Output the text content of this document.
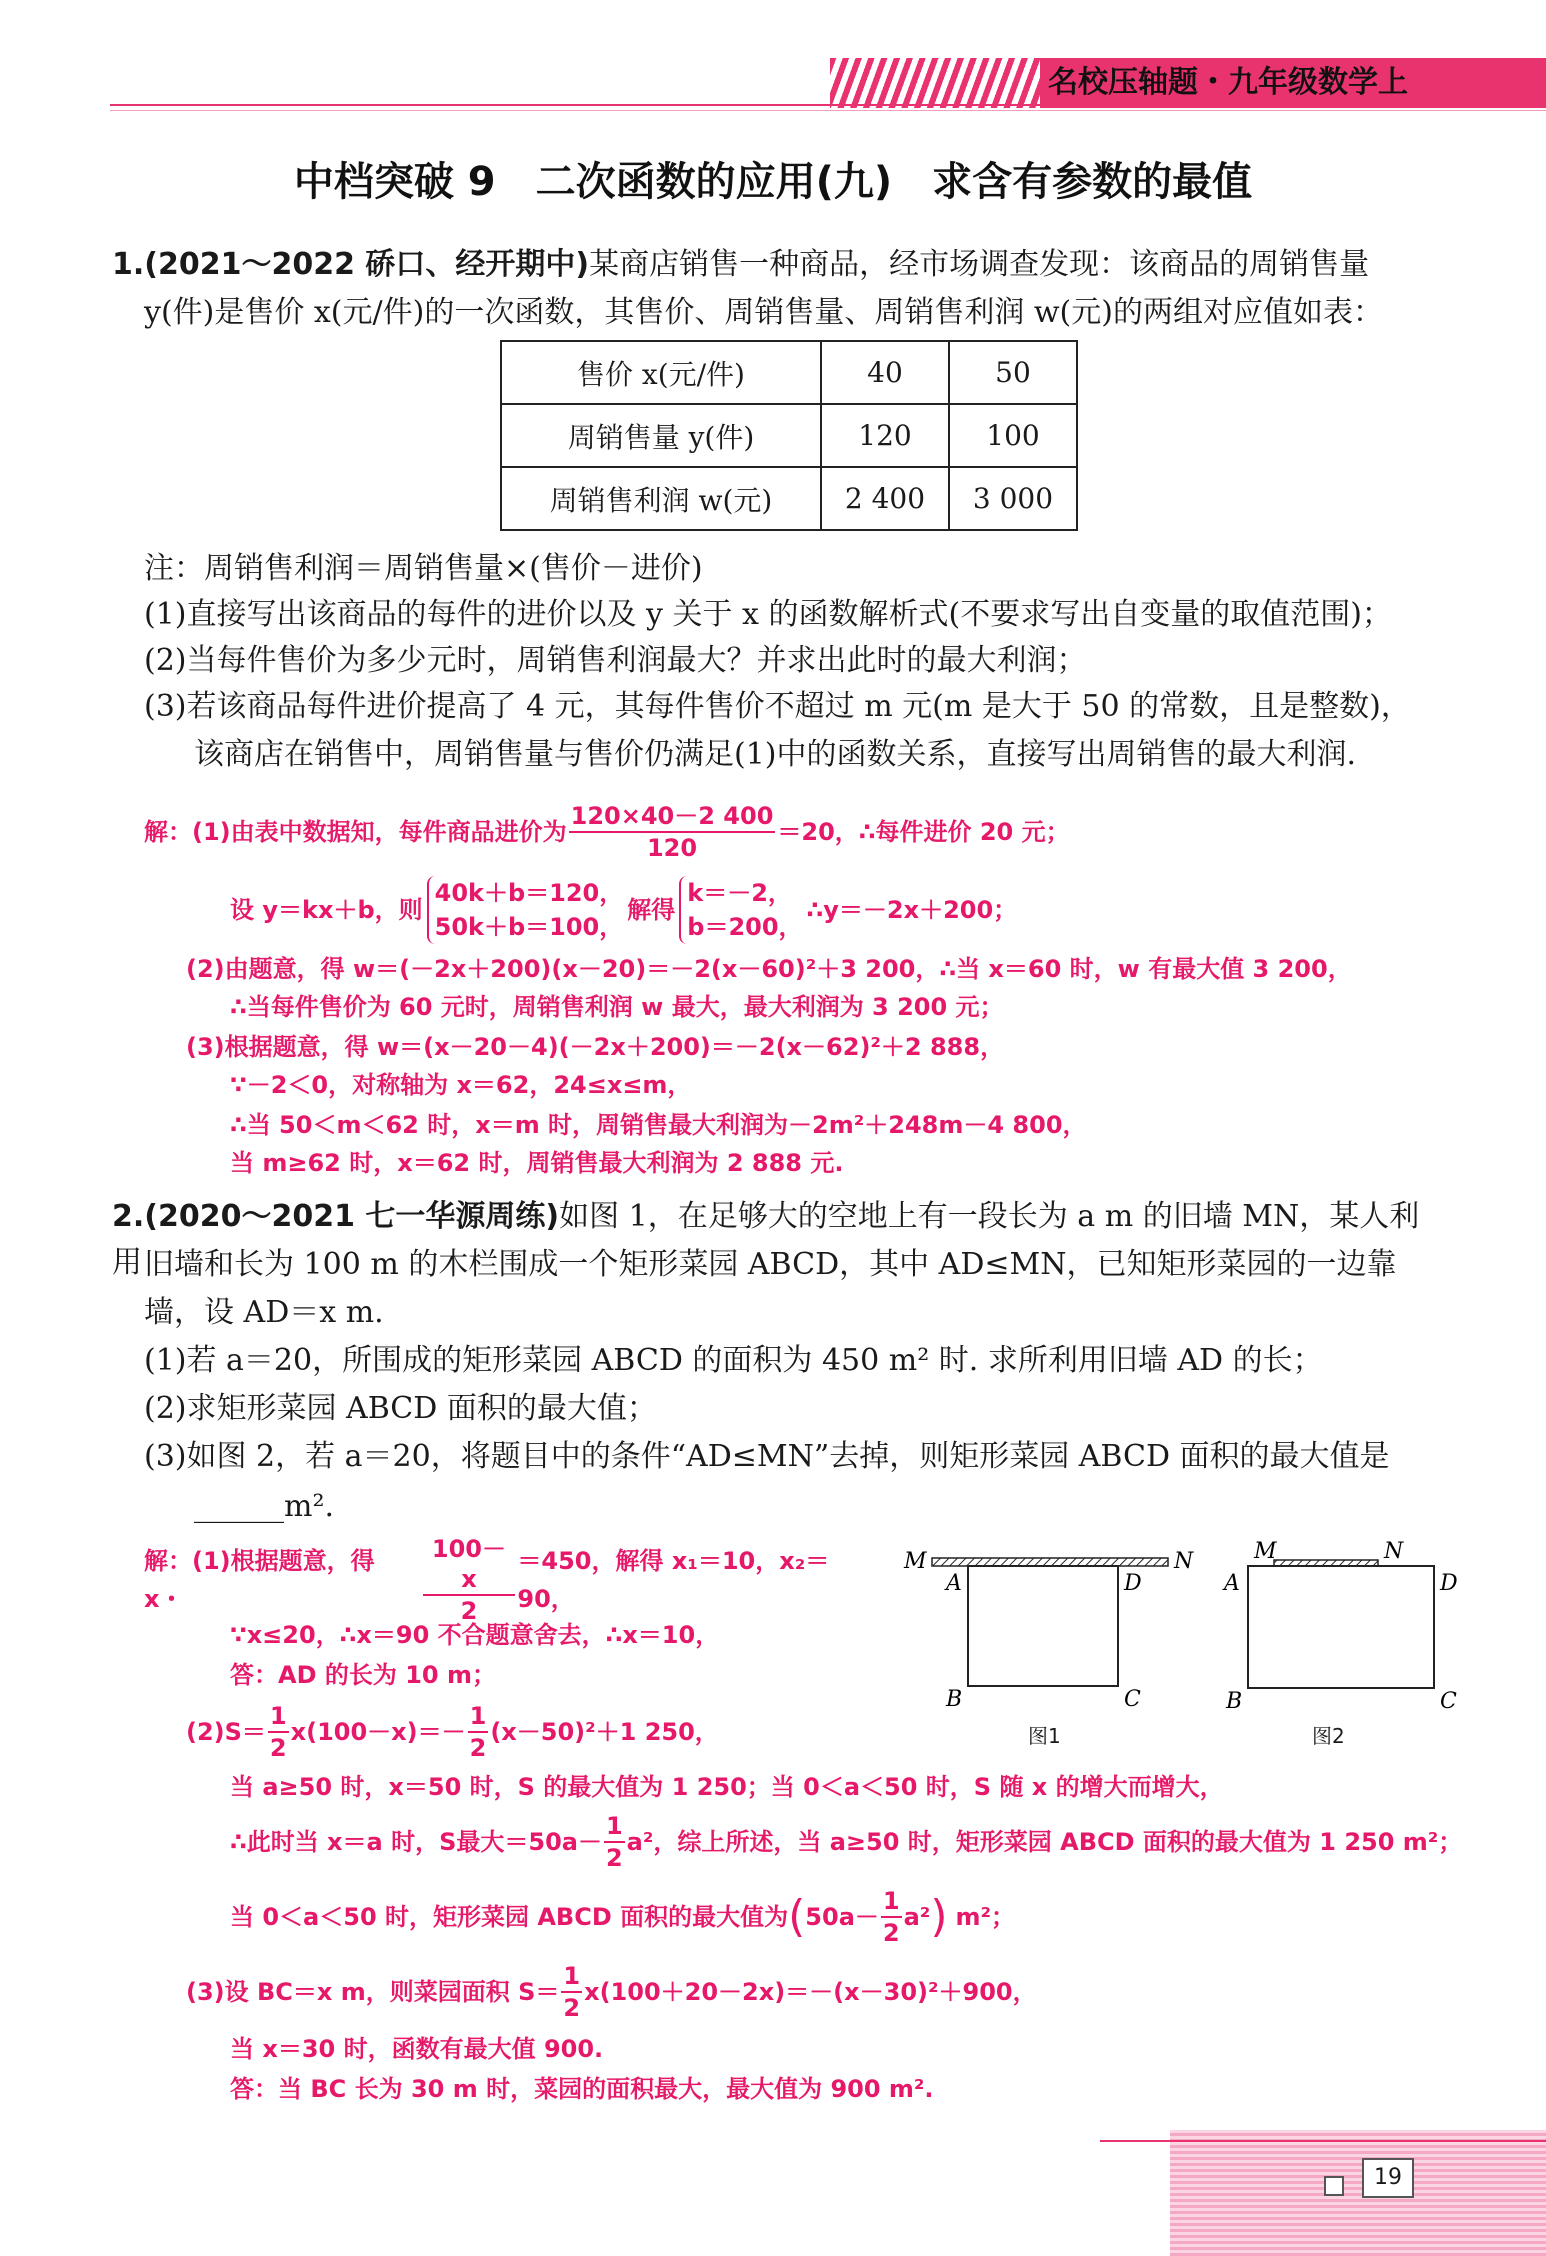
名校压轴题・九年级数学上
中档突破 9　二次函数的应用(九)　求含有参数的最值
1.(2021～2022 硚口、经开期中)某商店销售一种商品，经市场调查发现：该商品的周销售量
y(件)是售价 x(元/件)的一次函数，其售价、周销售量、周销售利润 w(元)的两组对应值如表：
售价 x(元/件)	40	50
周销售量 y(件)	120	100
周销售利润 w(元)	2 400	3 000
注：周销售利润＝周销售量×(售价－进价)
(1)直接写出该商品的每件的进价以及 y 关于 x 的函数解析式(不要求写出自变量的取值范围)；
(2)当每件售价为多少元时，周销售利润最大？并求出此时的最大利润；
(3)若该商品每件进价提高了 4 元，其每件售价不超过 m 元(m 是大于 50 的常数，且是整数)，
该商店在销售中，周销售量与售价仍满足(1)中的函数关系，直接写出周销售的最大利润.
解：(1)由表中数据知，每件商品进价为 $\frac{120\times 40-2 400}{120} =20$，∴每件进价 20 元；
设 y＝kx＋b，则
40k＋b＝120，
50k＋b＝100，
解得
k＝－2，
b＝200，
∴y＝－2x＋200；
(2)由题意，得 w＝(－2x＋200)(x－20)＝－2(x－60)²＋3 200，∴当 x＝60 时，w 有最大值 3 200，
∴当每件售价为 60 元时，周销售利润 w 最大，最大利润为 3 200 元；
(3)根据题意，得 w＝(x－20－4)(－2x＋200)＝－2(x－62)²＋2 888，
∵－2＜0，对称轴为 x＝62，24≤x≤m，
∴当 50＜m＜62 时，x＝m 时，周销售最大利润为－2m²＋248m－4 800，
当 m≥62 时，x＝62 时，周销售最大利润为 2 888 元.
2.(2020～2021 七一华源周练)如图 1，在足够大的空地上有一段长为 a m 的旧墙 MN，某人利用 旧墙和长为 100 m 的木栏围成一个矩形菜园 ABCD，其中 AD≤MN，已知矩形菜园的一边靠
墙，设 AD＝x m.
(1)若 a＝20，所围成的矩形菜园 ABCD 的面积为 450 m² 时. 求所利用旧墙 AD 的长；
(2)求矩形菜园 ABCD 面积的最大值；
(3)如图 2，若 a＝20，将题目中的条件“AD≤MN”去掉，则矩形菜园 ABCD 面积的最大值是
______m².
M	N
A	D
B	C
图1
M	N
A	D
B	C
图2
解：(1)根据题意，得 x・	$\frac{100-x}{2} =450$，解得 x₁＝10，x₂＝90，
∵x≤20，∴x＝90 不合题意舍去，∴x＝10，
答：AD 的长为 10 m；
$(2)S= \frac{1}{2} x(100-x)=- \frac{1}{2} (x-50)^2+1$ 250，
当 a≥50 时，x＝50 时，S 的最大值为 1 250；当 0＜a＜50 时，S 随 x 的增大而增大，
∴此时当 x＝a 时，S最大$=50a- \frac{1}{2} a^2$，综上所述，当 a≥50 时，矩形菜园 ABCD 面积的最大值为 1 250 m²；
当 0＜a＜50 时，矩形菜园 ABCD 面积的最大值为 ( $50a- \frac{1}{2} a^2$ ) m²；
(3)设 BC＝x m，则菜园面积 $S= \frac{1}{2} x(100+20-2x)=-(x-30)^2+900$，
当 x＝30 时，函数有最大值 900.
答：当 BC 长为 30 m 时，菜园的面积最大，最大值为 900 m².
19
